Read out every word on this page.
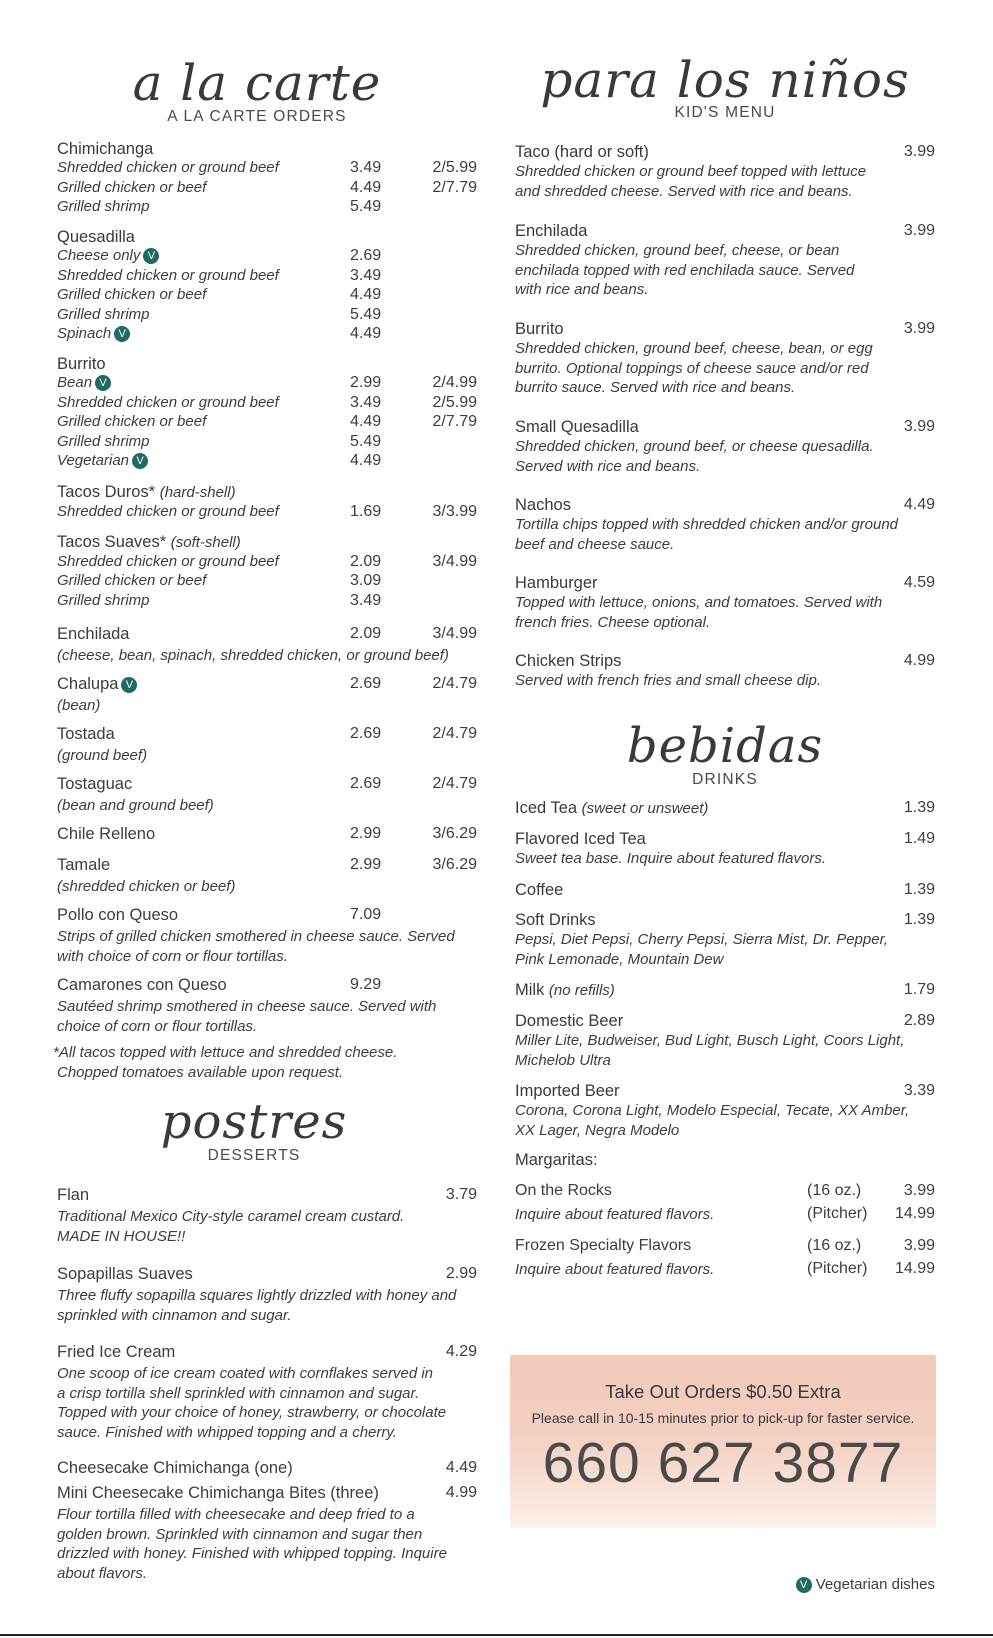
a la carte
A LA CARTE ORDERS
Chimichanga
Shredded chicken or ground beef	3.49	2/5.99
Grilled chicken or beef	4.49	2/7.79
Grilled shrimp	5.49
Quesadilla
Cheese only V	2.69
Shredded chicken or ground beef	3.49
Grilled chicken or beef	4.49
Grilled shrimp	5.49
Spinach V	4.49
Burrito
Bean V	2.99	2/4.99
Shredded chicken or ground beef	3.49	2/5.99
Grilled chicken or beef	4.49	2/7.79
Grilled shrimp	5.49
Vegetarian V	4.49
Tacos Duros* (hard-shell)
Shredded chicken or ground beef	1.69	3/3.99
Tacos Suaves* (soft-shell)
Shredded chicken or ground beef	2.09	3/4.99
Grilled chicken or beef	3.09
Grilled shrimp	3.49
Enchilada	2.09	3/4.99
(cheese, bean, spinach, shredded chicken, or ground beef)
Chalupa V	2.69	2/4.79
(bean)
Tostada	2.69	2/4.79
(ground beef)
Tostaguac	2.69	2/4.79
(bean and ground beef)
Chile Relleno	2.99	3/6.29
Tamale	2.99	3/6.29
(shredded chicken or beef)
Pollo con Queso	7.09
Strips of grilled chicken smothered in cheese sauce. Served
with choice of corn or flour tortillas.
Camarones con Queso	9.29
Sautéed shrimp smothered in cheese sauce. Served with
choice of corn or flour tortillas.
*All tacos topped with lettuce and shredded cheese.
Chopped tomatoes available upon request.
postres
DESSERTS
Flan	3.79
Traditional Mexico City-style caramel cream custard.
MADE IN HOUSE!!
Sopapillas Suaves	2.99
Three fluffy sopapilla squares lightly drizzled with honey and
sprinkled with cinnamon and sugar.
Fried Ice Cream	4.29
One scoop of ice cream coated with cornflakes served in
a crisp tortilla shell sprinkled with cinnamon and sugar.
Topped with your choice of honey, strawberry, or chocolate
sauce. Finished with whipped topping and a cherry.
Cheesecake Chimichanga (one)	4.49
Mini Cheesecake Chimichanga Bites (three)	4.99
Flour tortilla filled with cheesecake and deep fried to a
golden brown. Sprinkled with cinnamon and sugar then
drizzled with honey. Finished with whipped topping. Inquire
about flavors.
para los niños
KID'S MENU
Taco (hard or soft)	3.99
Shredded chicken or ground beef topped with lettuce
and shredded cheese. Served with rice and beans.
Enchilada	3.99
Shredded chicken, ground beef, cheese, or bean
enchilada topped with red enchilada sauce. Served
with rice and beans.
Burrito	3.99
Shredded chicken, ground beef, cheese, bean, or egg
burrito. Optional toppings of cheese sauce and/or red
burrito sauce. Served with rice and beans.
Small Quesadilla	3.99
Shredded chicken, ground beef, or cheese quesadilla.
Served with rice and beans.
Nachos	4.49
Tortilla chips topped with shredded chicken and/or ground
beef and cheese sauce.
Hamburger	4.59
Topped with lettuce, onions, and tomatoes. Served with
french fries. Cheese optional.
Chicken Strips	4.99
Served with french fries and small cheese dip.
bebidas
DRINKS
Iced Tea (sweet or unsweet)	1.39
Flavored Iced Tea	1.49
Sweet tea base. Inquire about featured flavors.
Coffee	1.39
Soft Drinks	1.39
Pepsi, Diet Pepsi, Cherry Pepsi, Sierra Mist, Dr. Pepper,
Pink Lemonade, Mountain Dew
Milk (no refills)	1.79
Domestic Beer	2.89
Miller Lite, Budweiser, Bud Light, Busch Light, Coors Light,
Michelob Ultra
Imported Beer	3.39
Corona, Corona Light, Modelo Especial, Tecate, XX Amber,
XX Lager, Negra Modelo
Margaritas:
On the Rocks	(16 oz.)	3.99
Inquire about featured flavors.	(Pitcher) 14.99
Frozen Specialty Flavors	(16 oz.)	3.99
Inquire about featured flavors.	(Pitcher) 14.99
V Vegetarian dishes
Take Out Orders $0.50 Extra
Please call in 10-15 minutes prior to pick-up for faster service.
660 627 3877
